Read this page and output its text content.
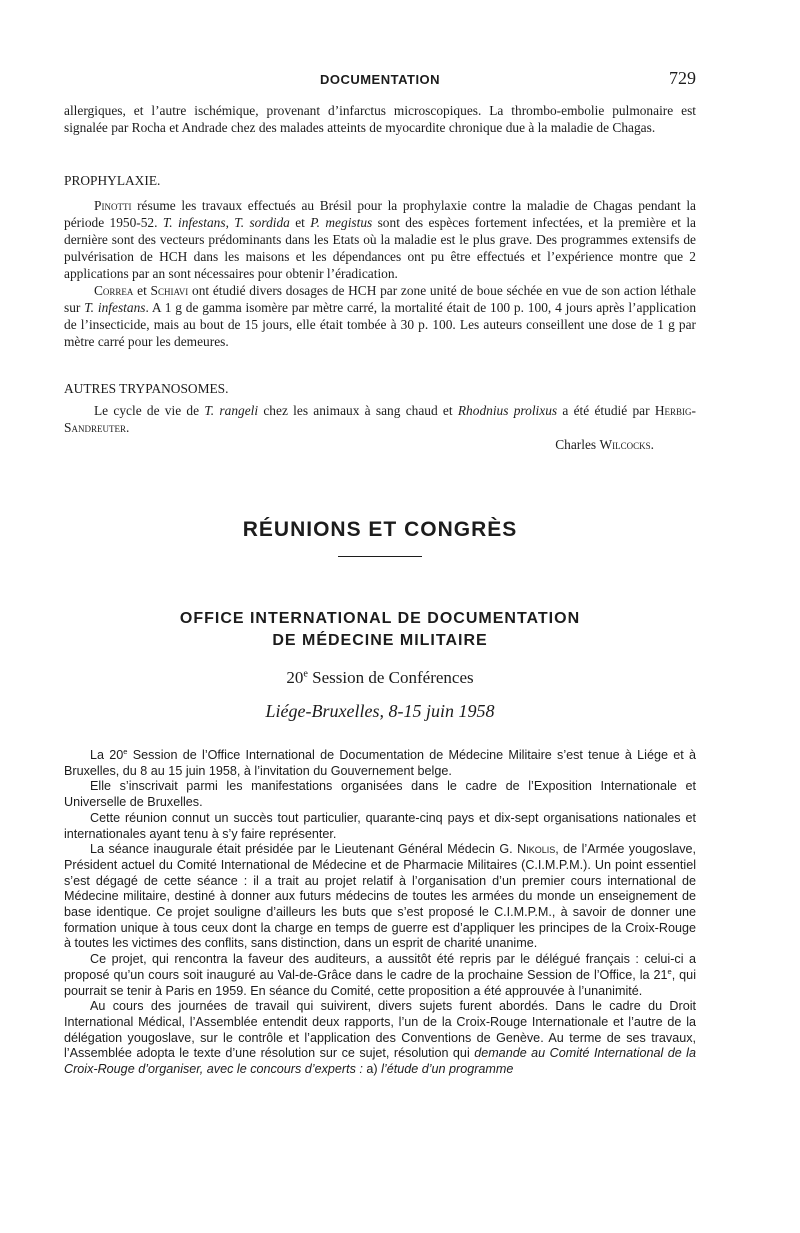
DOCUMENTATION	729

allergiques, et l’autre ischémique, provenant d’infarctus microscopiques. La thrombo-embolie pulmonaire est signalée par Rocha et Andrade chez des malades atteints de myocardite chronique due à la maladie de Chagas.

PROPHYLAXIE.

Pinotti résume les travaux effectués au Brésil pour la prophylaxie contre la maladie de Chagas pendant la période 1950-52. T. infestans, T. sordida et P. megistus sont des espèces fortement infectées, et la première et la dernière sont des vecteurs prédominants dans les Etats où la maladie est le plus grave. Des programmes extensifs de pulvérisation de HCH dans les maisons et les dépendances ont pu être effectués et l’expérience montre que 2 applications par an sont nécessaires pour obtenir l’éradication.

Correa et Schiavi ont étudié divers dosages de HCH par zone unité de boue séchée en vue de son action léthale sur T. infestans. A 1 g de gamma isomère par mètre carré, la mortalité était de 100 p. 100, 4 jours après l’application de l’insecticide, mais au bout de 15 jours, elle était tombée à 30 p. 100. Les auteurs conseillent une dose de 1 g par mètre carré pour les demeures.

AUTRES TRYPANOSOMES.

Le cycle de vie de T. rangeli chez les animaux à sang chaud et Rhodnius prolixus a été étudié par Herbig-Sandreuter.

Charles Wilcocks.

RÉUNIONS ET CONGRÈS
OFFICE INTERNATIONAL DE DOCUMENTATION
DE MÉDECINE MILITAIRE

20e Session de Conférences

Liége-Bruxelles, 8-15 juin 1958

La 20e Session de l’Office International de Documentation de Médecine Militaire s’est tenue à Liége et à Bruxelles, du 8 au 15 juin 1958, à l’invitation du Gouvernement belge.

Elle s’inscrivait parmi les manifestations organisées dans le cadre de l’Exposition Internationale et Universelle de Bruxelles.

Cette réunion connut un succès tout particulier, quarante-cinq pays et dix-sept organisations nationales et internationales ayant tenu à s’y faire représenter.

La séance inaugurale était présidée par le Lieutenant Général Médecin G. Nikolis, de l’Armée yougoslave, Président actuel du Comité International de Médecine et de Pharmacie Militaires (C.I.M.P.M.). Un point essentiel s’est dégagé de cette séance : il a trait au projet relatif à l’organisation d’un premier cours international de Médecine militaire, destiné à donner aux futurs médecins de toutes les armées du monde un enseignement de base identique. Ce projet souligne d’ailleurs les buts que s’est proposé le C.I.M.P.M., à savoir de donner une formation unique à tous ceux dont la charge en temps de guerre est d’appliquer les principes de la Croix-Rouge à toutes les victimes des conflits, sans distinction, dans un esprit de charité unanime.

Ce projet, qui rencontra la faveur des auditeurs, a aussitôt été repris par le délégué français : celui-ci a proposé qu’un cours soit inauguré au Val-de-Grâce dans le cadre de la prochaine Session de l’Office, la 21e, qui pourrait se tenir à Paris en 1959. En séance du Comité, cette proposition a été approuvée à l’unanimité.

Au cours des journées de travail qui suivirent, divers sujets furent abordés. Dans le cadre du Droit International Médical, l’Assemblée entendit deux rapports, l’un de la Croix-Rouge Internationale et l’autre de la délégation yougoslave, sur le contrôle et l’application des Conventions de Genève. Au terme de ses travaux, l’Assemblée adopta le texte d’une résolution sur ce sujet, résolution qui demande au Comité International de la Croix-Rouge d’organiser, avec le concours d’experts : a) l’étude d’un programme
